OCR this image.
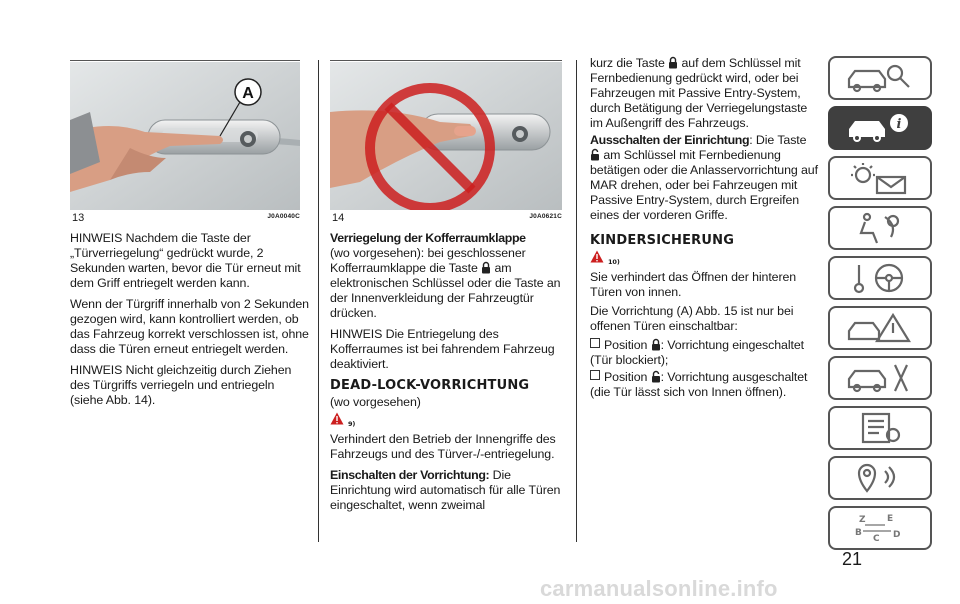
A
13	J0A0040C

HINWEIS Nachdem die Taste der „Türverriegelung“ gedrückt wurde, 2 Sekunden warten, bevor die Tür erneut mit dem Griff entriegelt werden kann.

Wenn der Türgriff innerhalb von 2 Sekunden gezogen wird, kann kontrolliert werden, ob das Fahrzeug korrekt verschlossen ist, ohne dass die Türen erneut entriegelt werden.

HINWEIS Nicht gleichzeitig durch Ziehen des Türgriffs verriegeln und entriegeln (siehe Abb. 14).

14	J0A0621C

Verriegelung der Kofferraumklappe
(wo vorgesehen): bei geschlossener Kofferraumklappe die Taste  am elektronischen Schlüssel oder die Taste an der Innenverkleidung der Fahrzeugtür drücken.

HINWEIS Die Entriegelung des Kofferraumes ist bei fahrendem Fahrzeug deaktiviert.

DEAD-LOCK-VORRICHTUNG

(wo vorgesehen)

9)

Verhindert den Betrieb der Innengriffe des Fahrzeugs und des Türver-/-entriegelung.

Einschalten der Vorrichtung: Die Einrichtung wird automatisch für alle Türen eingeschaltet, wenn zweimal

kurz die Taste  auf dem Schlüssel mit Fernbedienung gedrückt wird, oder bei Fahrzeugen mit Passive Entry-System, durch Betätigung der Verriegelungstaste im Außengriff des Fahrzeugs.

Ausschalten der Einrichtung: Die Taste
am Schlüssel mit Fernbedienung betätigen oder die Anlasservorrichtung auf MAR drehen, oder bei Fahrzeugen mit Passive Entry-System, durch Ergreifen eines der vorderen Griffe.

KINDERSICHERUNG
10)

Sie verhindert das Öffnen der hinteren Türen von innen.

Die Vorrichtung (A) Abb. 15 ist nur bei offenen Türen einschaltbar:

Position : Vorrichtung eingeschaltet (Tür blockiert);

Position : Vorrichtung ausgeschaltet (die Tür lässt sich von Innen öffnen).

i
Z E
B
C D
21
carmanualsonline.info
